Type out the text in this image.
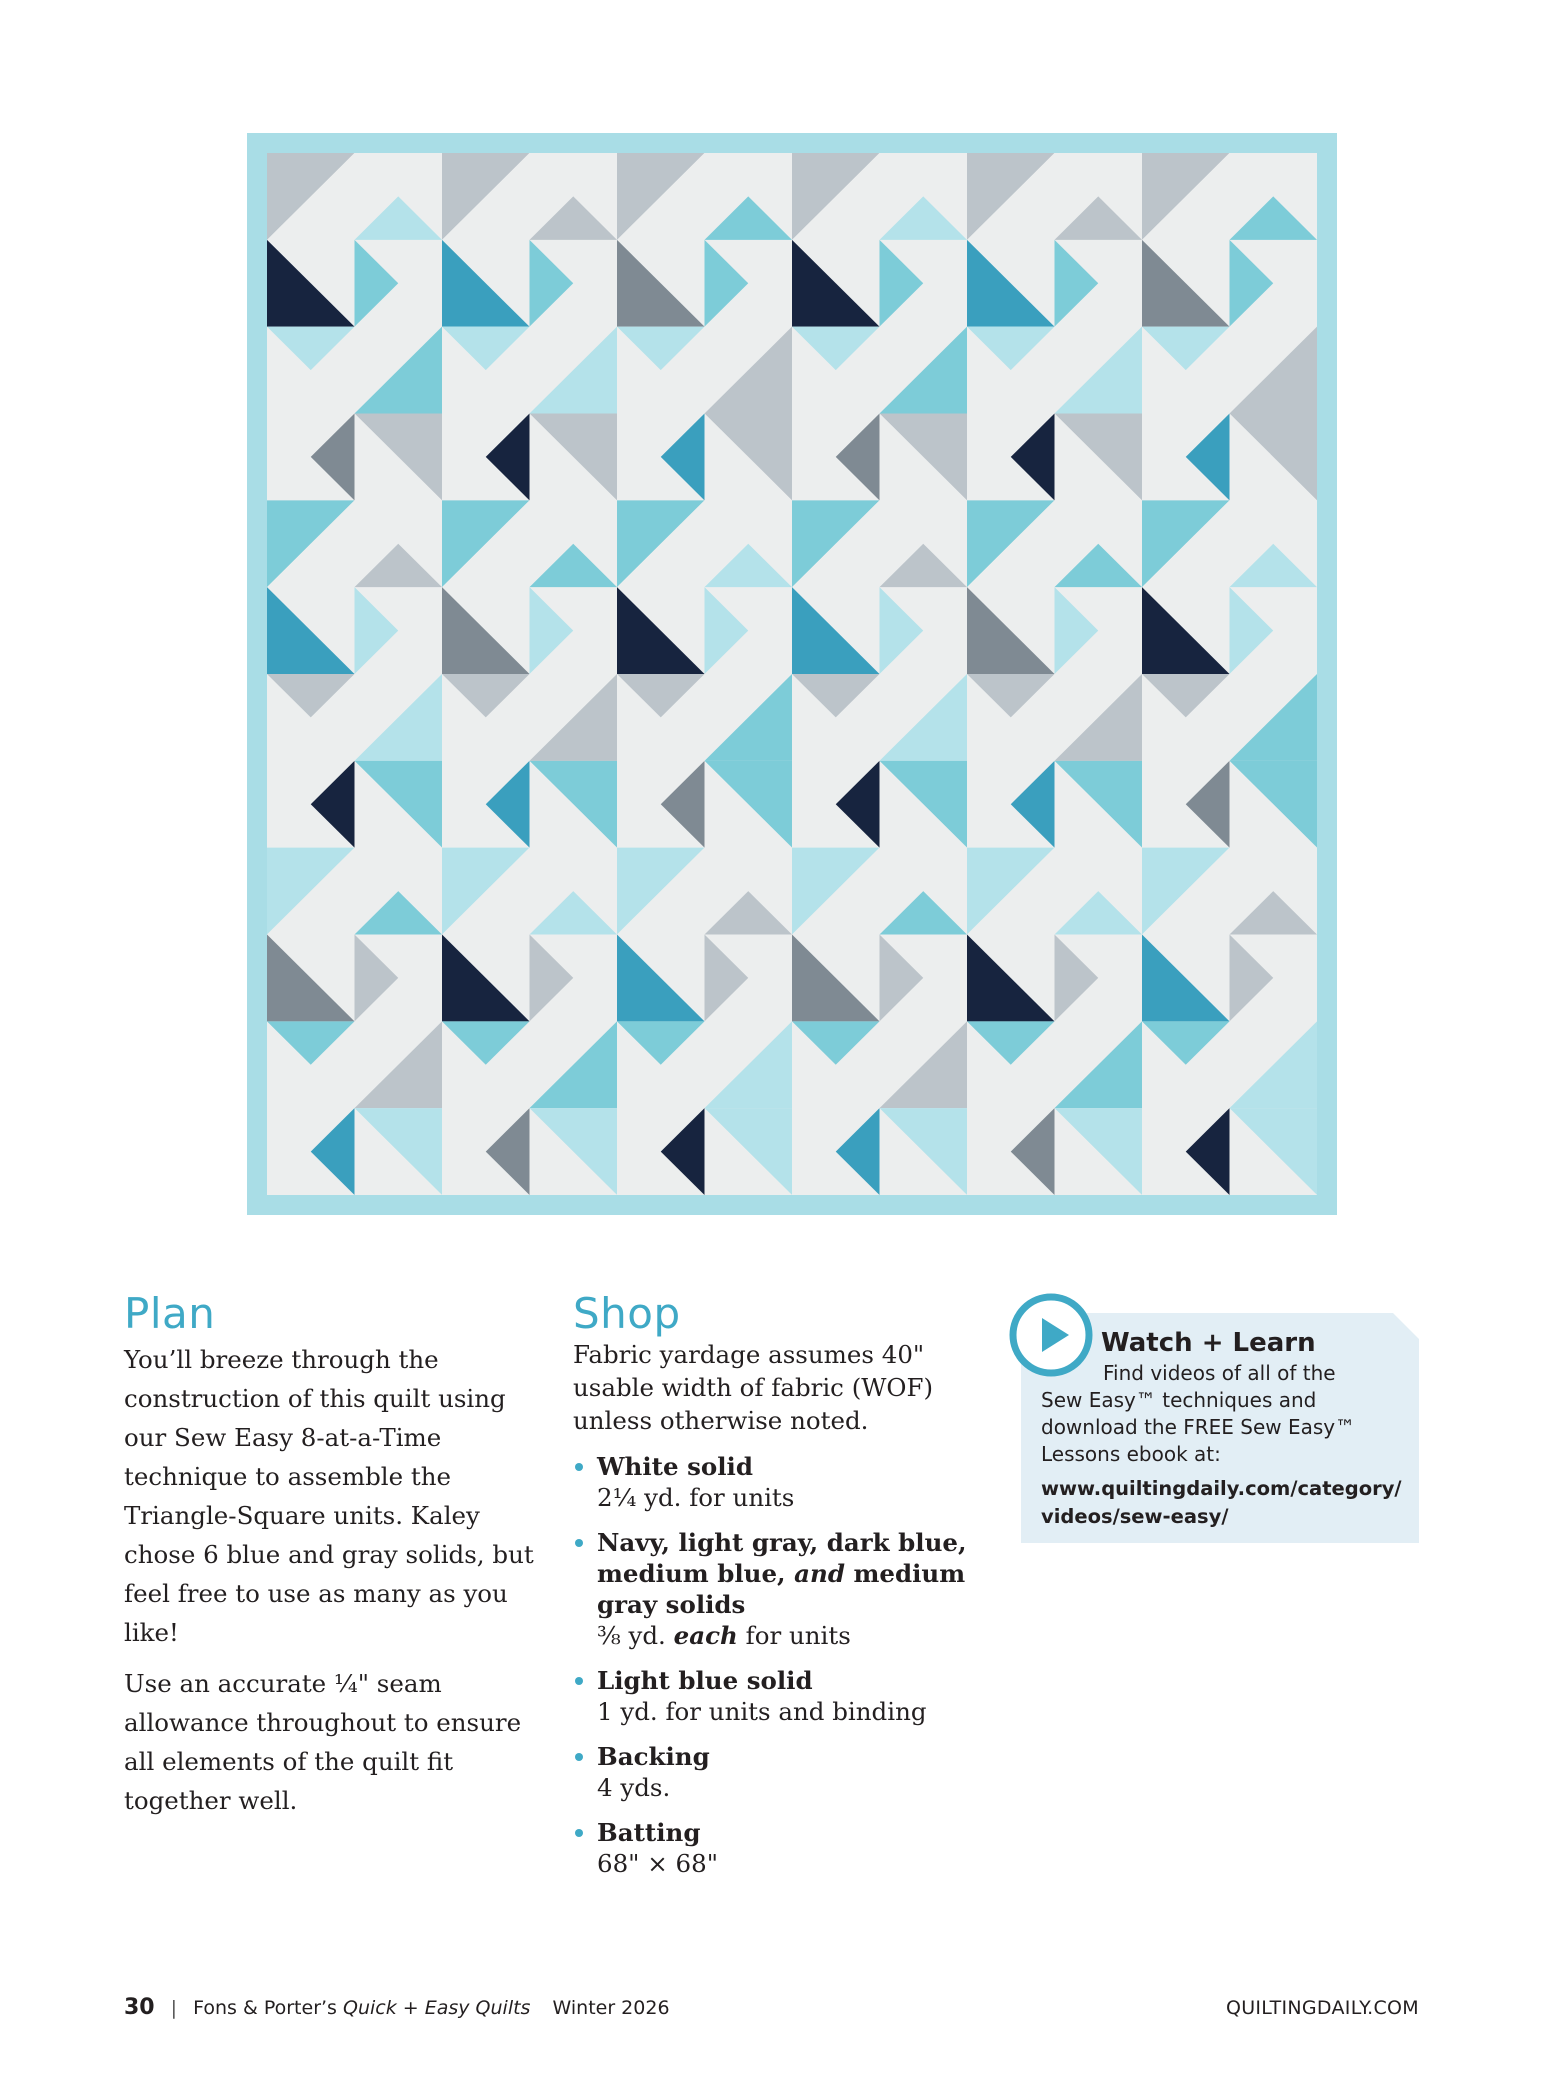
Plan

You’ll breeze through the construction of this quilt using our Sew Easy 8-at-a-Time technique to assemble the Triangle-Square units. Kaley chose 6 blue and gray solids, but feel free to use as many as you like!

Use an accurate ¼" seam allowance throughout to ensure all elements of the quilt fit together well.

Shop

Fabric yardage assumes 40" usable width of fabric (WOF) unless otherwise noted.

White solid
2¼ yd. for units
Navy, light gray, dark blue, medium blue, and medium gray solids
⅜ yd. each for units
Light blue solid
1 yd. for units and binding
Backing
4 yds.
Batting
68" × 68"
Watch + Learn
Find videos of all of the
Sew Easy™ techniques and
download the FREE Sew Easy™
Lessons ebook at:
www.quiltingdaily.com/category/
videos/sew-easy/
30 | Fons & Porter’s Quick + Easy Quilts Winter 2026	QUILTINGDAILY.COM
